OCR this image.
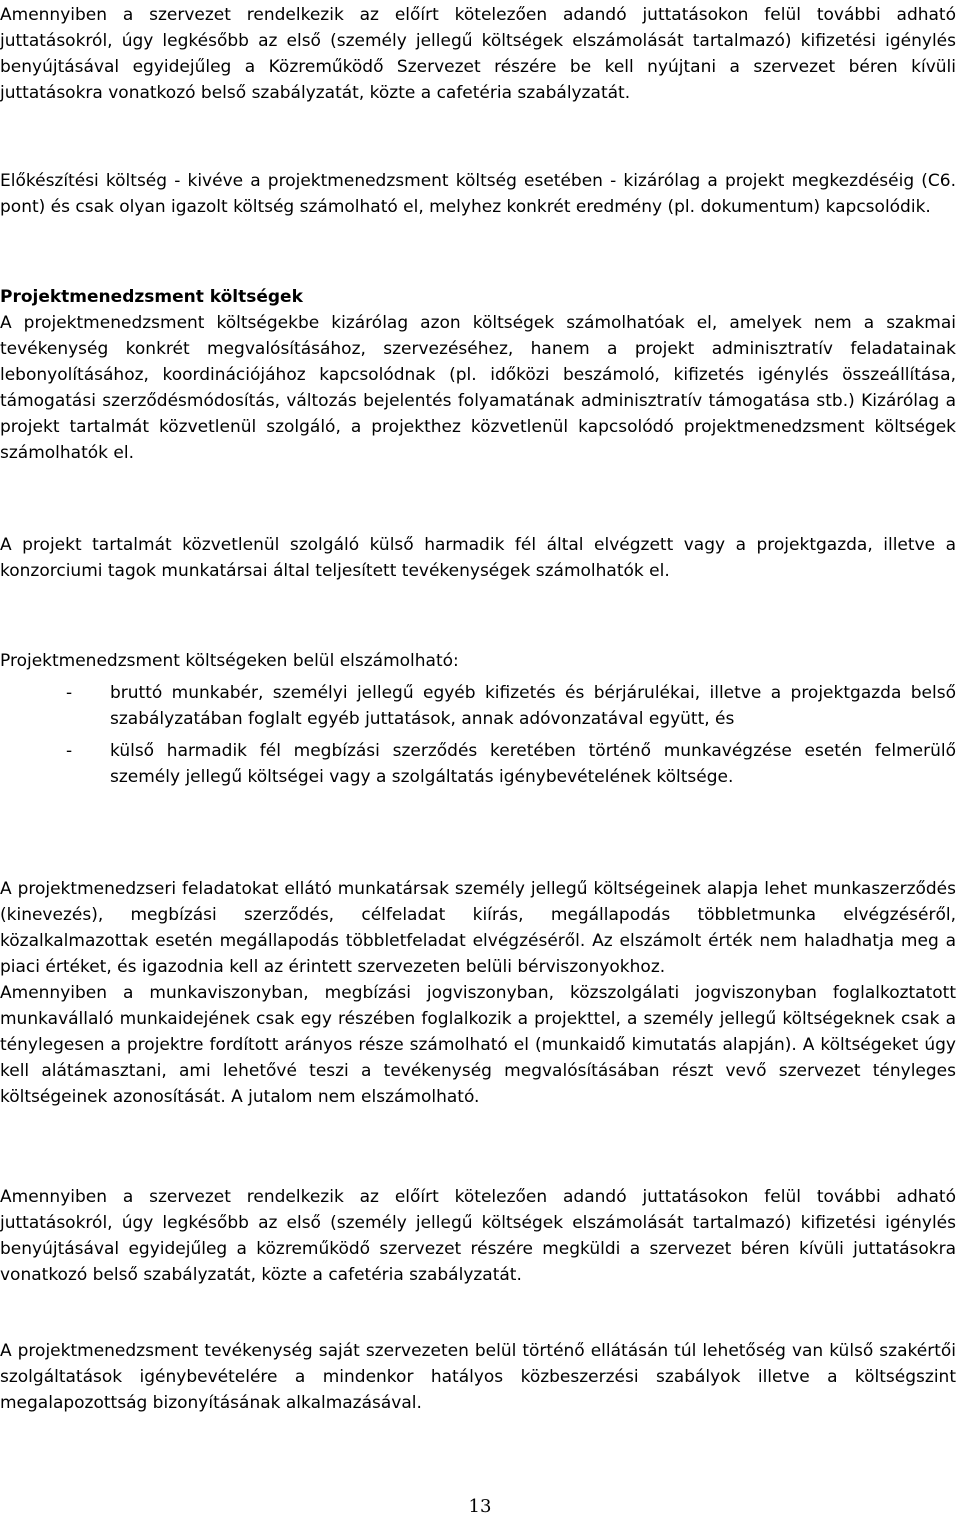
Amennyiben a szervezet rendelkezik az előírt kötelezően adandó juttatásokon felül további adható juttatásokról, úgy legkésőbb az első (személy jellegű költségek elszámolását tartalmazó) kifizetési igénylés benyújtásával egyidejűleg a Közreműködő Szervezet részére be kell nyújtani a szervezet béren kívüli juttatásokra vonatkozó belső szabályzatát, közte a cafetéria szabályzatát.

Előkészítési költség - kivéve a projektmenedzsment költség esetében - kizárólag a projekt megkezdéséig (C6. pont) és csak olyan igazolt költség számolható el, melyhez konkrét eredmény (pl. dokumentum) kapcsolódik.

Projektmenedzsment költségek

A projektmenedzsment költségekbe kizárólag azon költségek számolhatóak el, amelyek nem a szakmai tevékenység konkrét megvalósításához, szervezéséhez, hanem a projekt adminisztratív feladatainak lebonyolításához, koordinációjához kapcsolódnak (pl. időközi beszámoló, kifizetés igénylés összeállítása, támogatási szerződésmódosítás, változás bejelentés folyamatának adminisztratív támogatása stb.) Kizárólag a projekt tartalmát közvetlenül szolgáló, a projekthez közvetlenül kapcsolódó projektmenedzsment költségek számolhatók el.

A projekt tartalmát közvetlenül szolgáló külső harmadik fél által elvégzett vagy a projektgazda, illetve a konzorciumi tagok munkatársai által teljesített tevékenységek számolhatók el.

Projektmenedzsment költségeken belül elszámolható:

- bruttó munkabér, személyi jellegű egyéb kifizetés és bérjárulékai, illetve a projektgazda belső szabályzatában foglalt egyéb juttatások, annak adóvonzatával együtt, és
- külső harmadik fél megbízási szerződés keretében történő munkavégzése esetén felmerülő személy jellegű költségei vagy a szolgáltatás igénybevételének költsége.

A projektmenedzseri feladatokat ellátó munkatársak személy jellegű költségeinek alapja lehet munkaszerződés (kinevezés), megbízási szerződés, célfeladat kiírás, megállapodás többletmunka elvégzéséről, közalkalmazottak esetén megállapodás többletfeladat elvégzéséről. Az elszámolt érték nem haladhatja meg a piaci értéket, és igazodnia kell az érintett szervezeten belüli bérviszonyokhoz.

Amennyiben a munkaviszonyban, megbízási jogviszonyban, közszolgálati jogviszonyban foglalkoztatott munkavállaló munkaidejének csak egy részében foglalkozik a projekttel, a személy jellegű költségeknek csak a ténylegesen a projektre fordított arányos része számolható el (munkaidő kimutatás alapján). A költségeket úgy kell alátámasztani, ami lehetővé teszi a tevékenység megvalósításában részt vevő szervezet tényleges költségeinek azonosítását. A jutalom nem elszámolható.

Amennyiben a szervezet rendelkezik az előírt kötelezően adandó juttatásokon felül további adható juttatásokról, úgy legkésőbb az első (személy jellegű költségek elszámolását tartalmazó) kifizetési igénylés benyújtásával egyidejűleg a közreműködő szervezet részére megküldi a szervezet béren kívüli juttatásokra vonatkozó belső szabályzatát, közte a cafetéria szabályzatát.

A projektmenedzsment tevékenység saját szervezeten belül történő ellátásán túl lehetőség van külső szakértői szolgáltatások igénybevételére a mindenkor hatályos közbeszerzési szabályok illetve a költségszint megalapozottság bizonyításának alkalmazásával.

13
